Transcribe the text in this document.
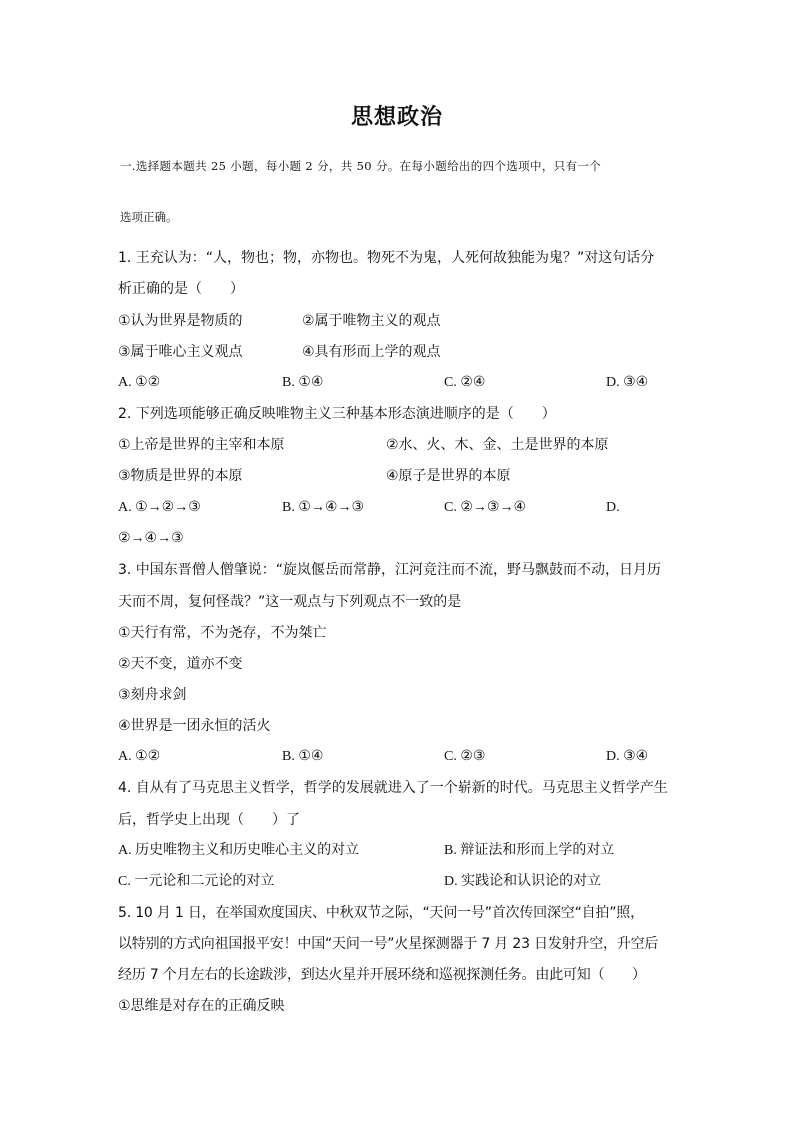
思想政治
一.选择题本题共 25 小题，每小题 2 分，共 50 分。在每小题给出的四个选项中，只有一个
选项正确。
1. 王充认为：“人，物也；物，亦物也。物死不为鬼，人死何故独能为鬼？”对这句话分
析正确的是（　　）
①认为世界是物质的	②属于唯物主义的观点
③属于唯心主义观点	④具有形而上学的观点
A. ①②	B. ①④	C. ②④	D. ③④
2. 下列选项能够正确反映唯物主义三种基本形态演进顺序的是（　　）
①上帝是世界的主宰和本原	②水、火、木、金、土是世界的本原
③物质是世界的本原	④原子是世界的本原
A. ①→②→③	B. ①→④→③	C. ②→③→④	D.
②→④→③
3. 中国东晋僧人僧肇说：“旋岚偃岳而常静，江河竞注而不流，野马飘鼓而不动，日月历
天而不周，复何怪哉？”这一观点与下列观点不一致的是
①天行有常，不为尧存，不为桀亡
②天不变，道亦不变
③刻舟求剑
④世界是一团永恒的活火
A. ①②	B. ①④	C. ②③	D. ③④
4. 自从有了马克思主义哲学，哲学的发展就进入了一个崭新的时代。马克思主义哲学产生
后，哲学史上出现（　　）了
A. 历史唯物主义和历史唯心主义的对立	B. 辩证法和形而上学的对立
C. 一元论和二元论的对立	D. 实践论和认识论的对立
5. 10 月 1 日，在举国欢度国庆、中秋双节之际，“天问一号”首次传回深空“自拍”照，
以特别的方式向祖国报平安！中国“天问一号”火星探测器于 7 月 23 日发射升空，升空后
经历 7 个月左右的长途跋涉，到达火星并开展环绕和巡视探测任务。由此可知（　　）
①思维是对存在的正确反映
